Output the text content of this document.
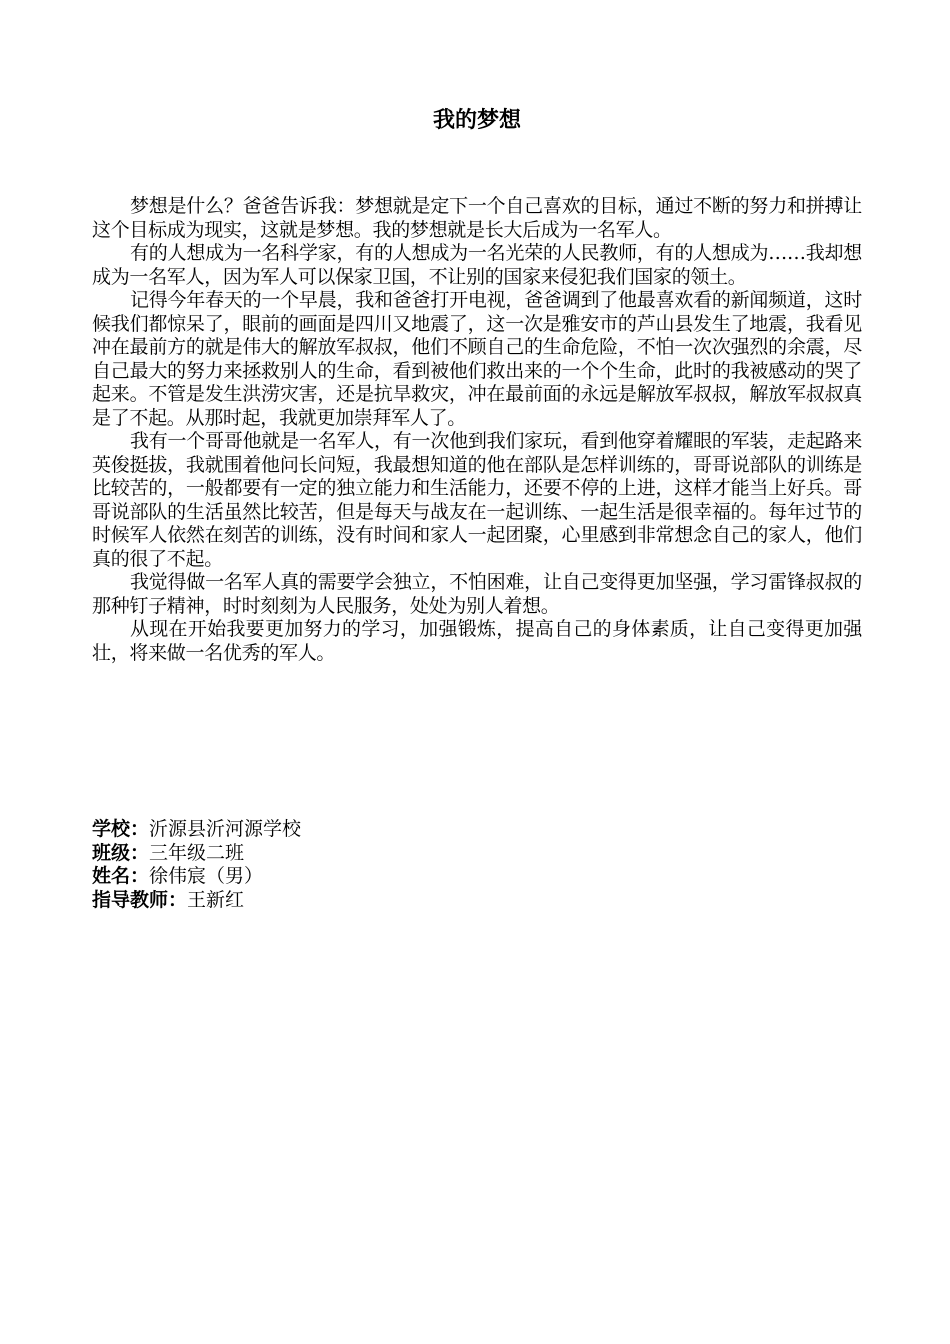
我的梦想

梦想是什么？爸爸告诉我：梦想就是定下一个自己喜欢的目标，通过不断的努力和拼搏让这个目标成为现实，这就是梦想。我的梦想就是长大后成为一名军人。

有的人想成为一名科学家，有的人想成为一名光荣的人民教师，有的人想成为……我却想成为一名军人，因为军人可以保家卫国，不让别的国家来侵犯我们国家的领土。

记得今年春天的一个早晨，我和爸爸打开电视，爸爸调到了他最喜欢看的新闻频道，这时候我们都惊呆了，眼前的画面是四川又地震了，这一次是雅安市的芦山县发生了地震，我看见冲在最前方的就是伟大的解放军叔叔，他们不顾自己的生命危险，不怕一次次强烈的余震，尽自己最大的努力来拯救别人的生命，看到被他们救出来的一个个生命，此时的我被感动的哭了起来。不管是发生洪涝灾害，还是抗旱救灾，冲在最前面的永远是解放军叔叔，解放军叔叔真是了不起。从那时起，我就更加崇拜军人了。

我有一个哥哥他就是一名军人，有一次他到我们家玩，看到他穿着耀眼的军装，走起路来英俊挺拔，我就围着他问长问短，我最想知道的他在部队是怎样训练的，哥哥说部队的训练是比较苦的，一般都要有一定的独立能力和生活能力，还要不停的上进，这样才能当上好兵。哥哥说部队的生活虽然比较苦，但是每天与战友在一起训练、一起生活是很幸福的。每年过节的时候军人依然在刻苦的训练，没有时间和家人一起团聚，心里感到非常想念自己的家人，他们真的很了不起。

我觉得做一名军人真的需要学会独立，不怕困难，让自己变得更加坚强，学习雷锋叔叔的那种钉子精神，时时刻刻为人民服务，处处为别人着想。

从现在开始我要更加努力的学习，加强锻炼，提高自己的身体素质，让自己变得更加强壮，将来做一名优秀的军人。

学校：沂源县沂河源学校
班级：三年级二班
姓名：徐伟宸（男）
指导教师：王新红
